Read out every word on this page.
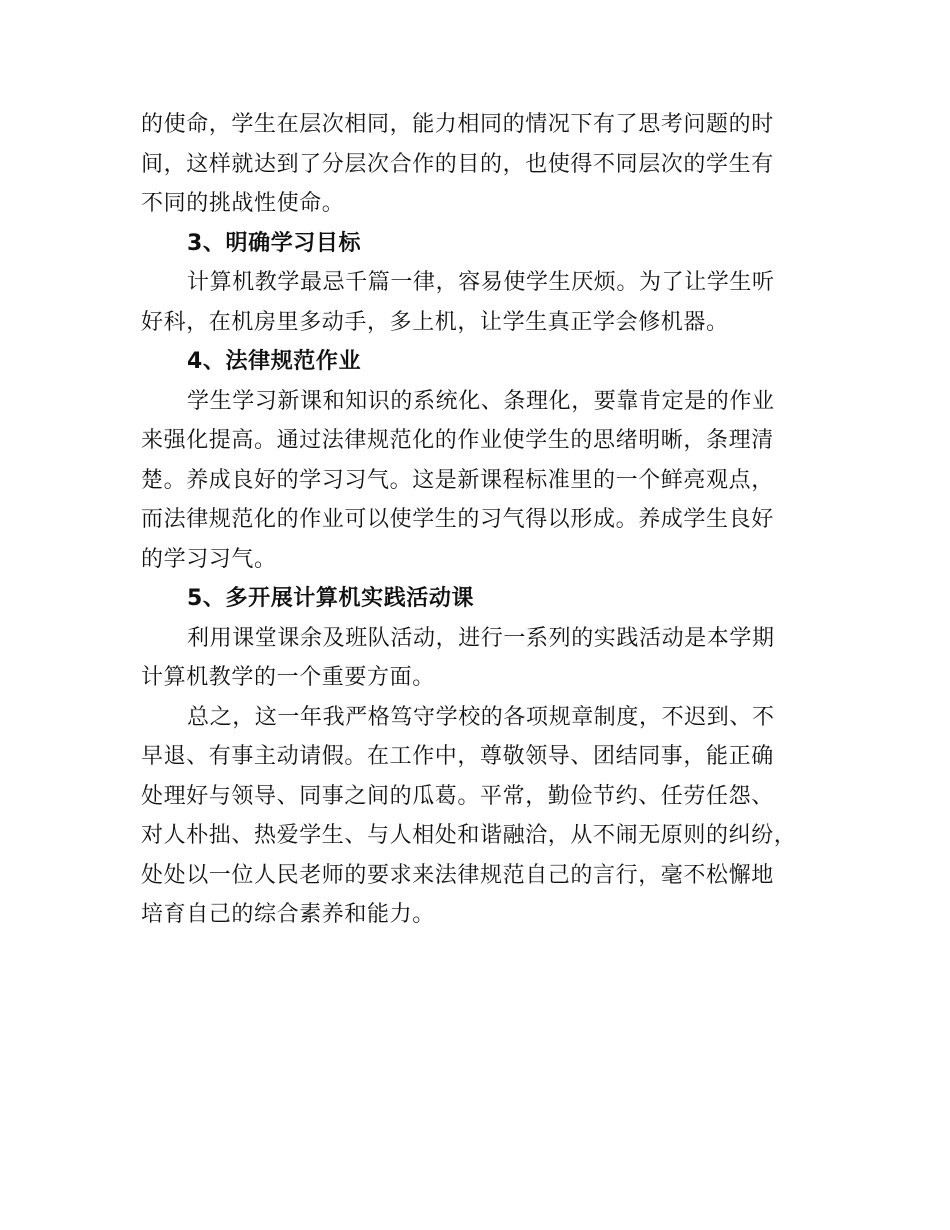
的使命，学生在层次相同，能力相同的情况下有了思考问题的时
间，这样就达到了分层次合作的目的，也使得不同层次的学生有
不同的挑战性使命。
3、明确学习目标
计算机教学最忌千篇一律，容易使学生厌烦。为了让学生听
好科，在机房里多动手，多上机，让学生真正学会修机器。
4、法律规范作业
学生学习新课和知识的系统化、条理化，要靠肯定是的作业
来强化提高。通过法律规范化的作业使学生的思绪明晰，条理清
楚。养成良好的学习习气。这是新课程标准里的一个鲜亮观点，
而法律规范化的作业可以使学生的习气得以形成。养成学生良好
的学习习气。
5、多开展计算机实践活动课
利用课堂课余及班队活动，进行一系列的实践活动是本学期
计算机教学的一个重要方面。
总之，这一年我严格笃守学校的各项规章制度，不迟到、不
早退、有事主动请假。在工作中，尊敬领导、团结同事，能正确
处理好与领导、同事之间的瓜葛。平常，勤俭节约、任劳任怨、
对人朴拙、热爱学生、与人相处和谐融洽，从不闹无原则的纠纷，
处处以一位人民老师的要求来法律规范自己的言行，毫不松懈地
培育自己的综合素养和能力。
